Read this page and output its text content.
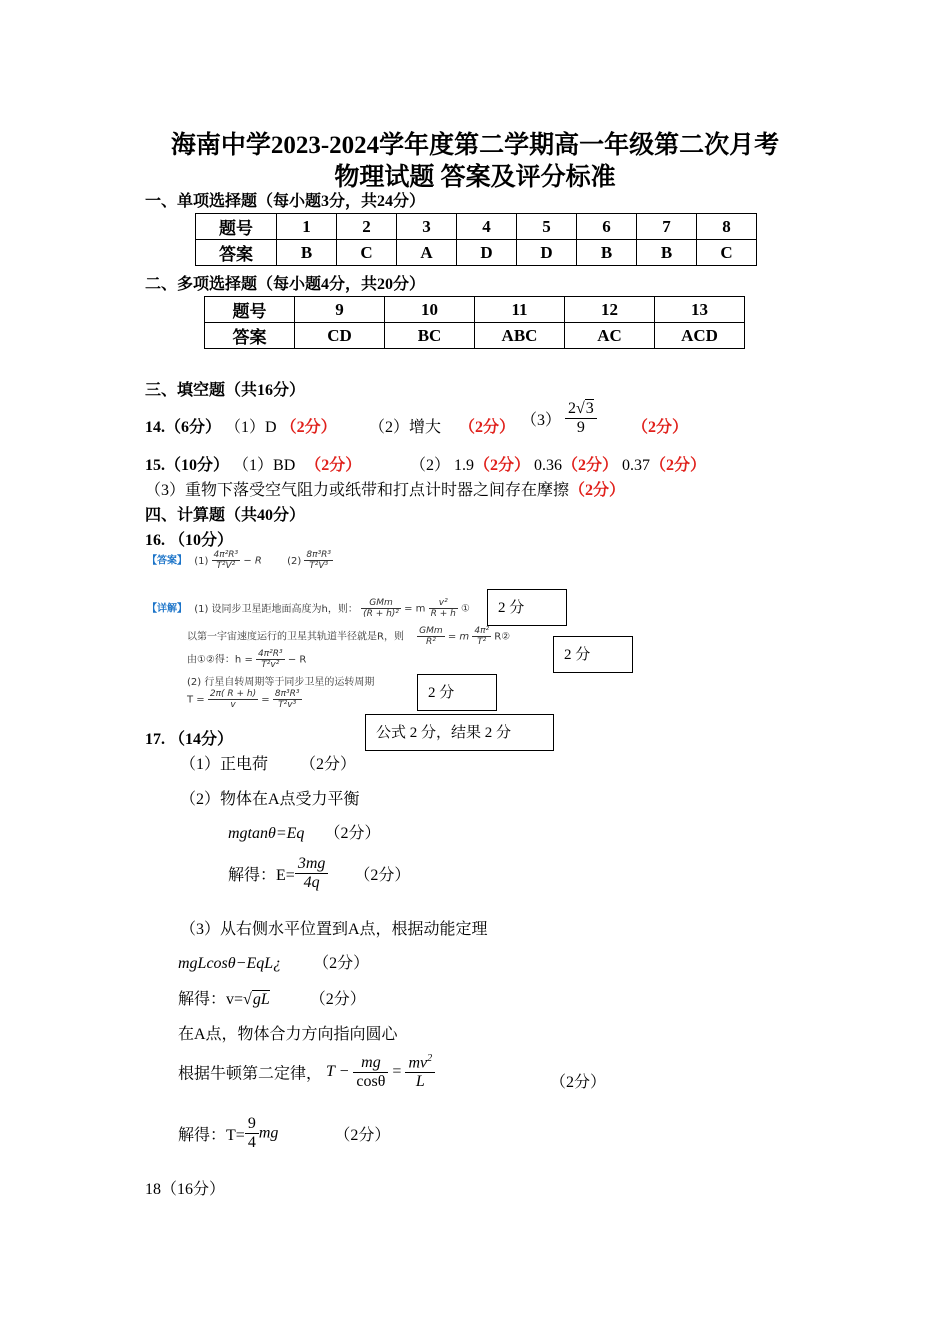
海南中学2023-2024学年度第二学期高一年级第二次月考
物理试题 答案及评分标准
一、单项选择题（每小题3分，共24分）
题号	1	2	3	4	5	6	7	8
答案	B	C	A	D	D	B	B	C
二、多项选择题（每小题4分，共20分）
题号	9	10	11	12	13
答案	CD	BC	ABC	AC	ACD
三、填空题（共16分）
14.（6分） （1）D （2分） （2）增大 （2分） $(3) \frac{2√3}{9} (2$分）
15.（10分） （1）BD （2分）	（2） 1.9（2分） 0.36（2分） 0.37（2分）
（3）重物下落受空气阻力或纸带和打点计时器之间存在摩擦（2分）
四、计算题（共40分）
16. （10分）
【答案】 $(1) \frac{\text{4π²R³}}{\text{T²V²}} - R$	$(2) \frac{\text{8π³R³}}{\text{T²V³}}$
【详解】 (1) 设同步卫星距地面高度为h，则：
GMm
(R + h)² = m $\frac{\text{v²}}{R + h}$ ①
以第一宇宙速度运行的卫星其轨道半径就是R，则
GMm
R²	= m $\frac{\text{4π²}}{\text{T²}}$ R②
由①②得：$h = \frac{\text{4π²R³}}{\text{T²v²}} - R$
(2) 行星自转周期等于同步卫星的运转周期
$T = \frac{2\pi( R + h)}{v} = \frac{\text{8π³R³}}{\text{T²v³}}$
2 分
2 分
2 分
公式 2 分，结果 2 分
17. （14分）
（1）正电荷 （2分）
（2）物体在A点受力平衡
mgtanθ=Eq （2分）
解得：$E= \frac{3mg}{4q} (2$分）
（3）从右侧水平位置到A点，根据动能定理
mgLcosθ−EqL¿ （2分）
解得：v=√gL	（2分）
在A点，物体合力方向指向圆心
根据牛顿第二定律， $T - \frac{mg}{\cos\theta} = \frac{mv^2}{L}$	（2分）
解得：$T= \frac{9}{4}$ mg	（2分）
18（16分）
